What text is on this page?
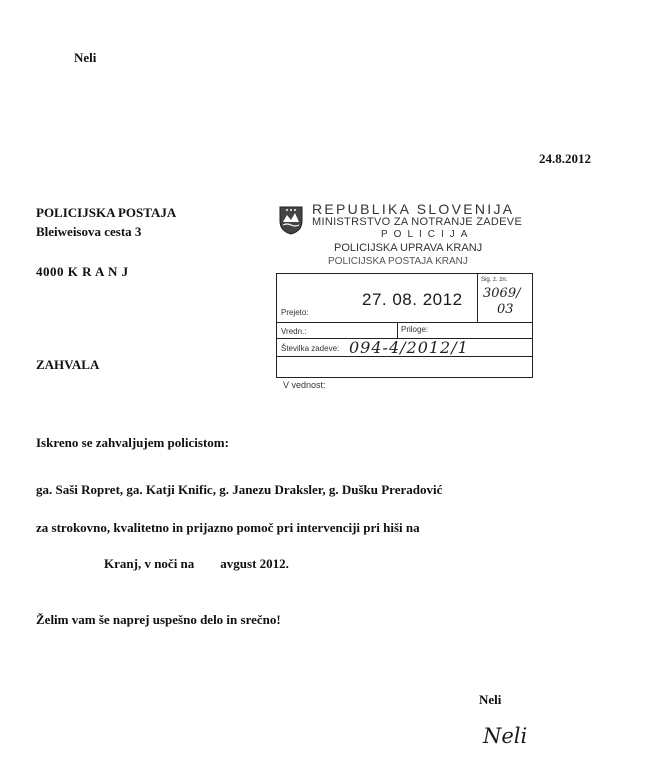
Neli
24.8.2012
POLICIJSKA POSTAJA
Bleiweisova cesta 3
4000 K R A N J
REPUBLIKA SLOVENIJA
MINISTRSTVO ZA NOTRANJE ZADEVE
POLICIJA
POLICIJSKA UPRAVA KRANJ
POLICIJSKA POSTAJA KRANJ
Prejeto:
27. 08. 2012
Sig. z. zn.
3069/
03
Vredn.:	Priloge:
Številka zadeve: 094-4/2012/1
V vednost:
ZAHVALA
Iskreno se zahvaljujem policistom:
ga. Saši Ropret, ga. Katji Knific, g. Janezu Draksler, g. Dušku Preradović
za strokovno, kvalitetno in prijazno pomoč pri intervenciji pri hiši na
Kranj, v noči na        avgust 2012.
Želim vam še naprej uspešno delo in srečno!
Neli
Neli
